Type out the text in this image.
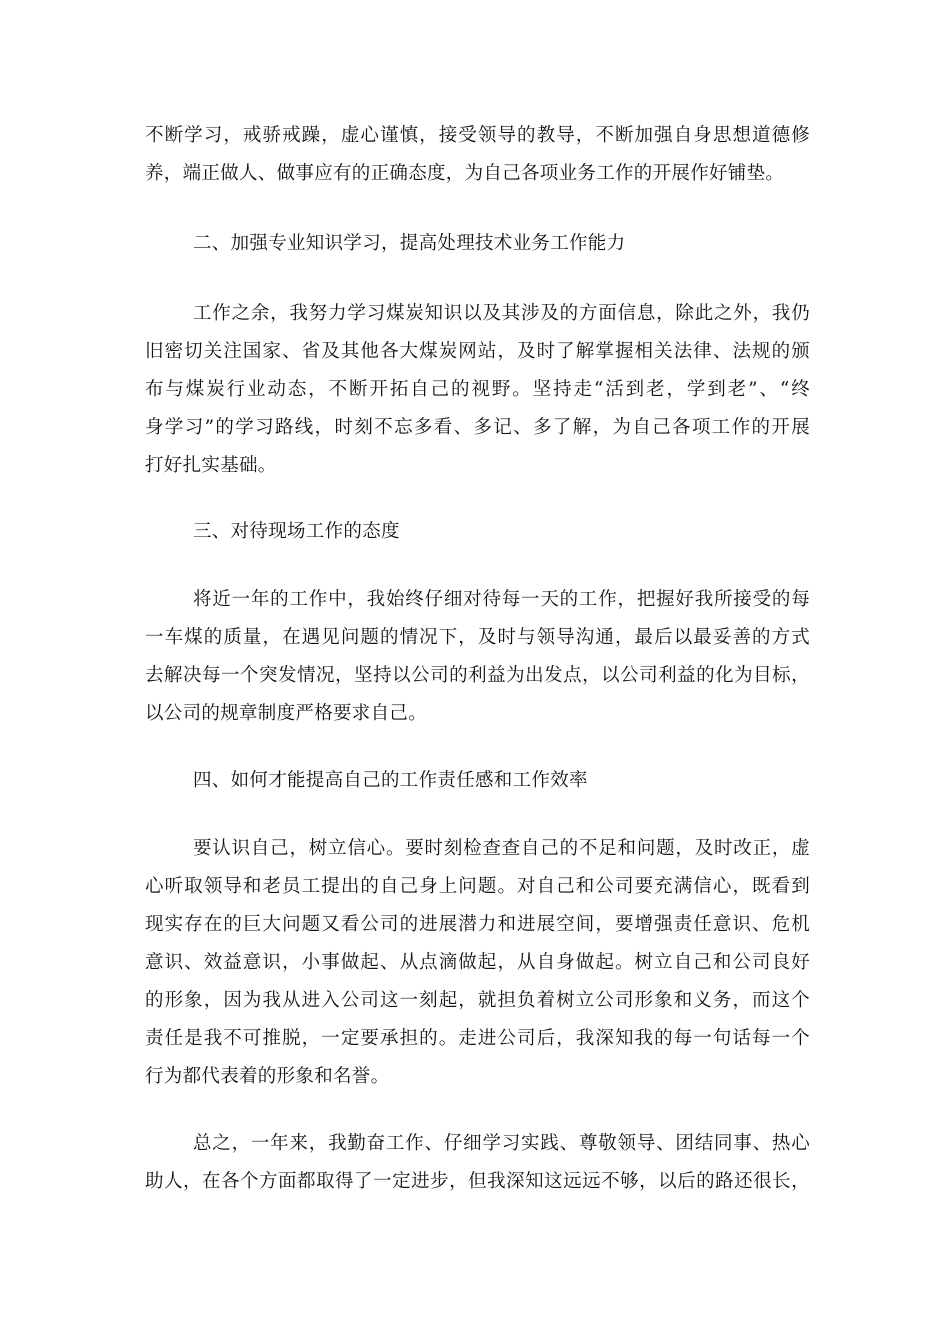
不断学习，戒骄戒躁，虚心谨慎，接受领导的教导，不断加强自身思想道德修
养，端正做人、做事应有的正确态度，为自己各项业务工作的开展作好铺垫。
二、加强专业知识学习，提高处理技术业务工作能力
工作之余，我努力学习煤炭知识以及其涉及的方面信息，除此之外，我仍
旧密切关注国家、省及其他各大煤炭网站，及时了解掌握相关法律、法规的颁
布与煤炭行业动态，不断开拓自己的视野。坚持走“活到老，学到老”、“终
身学习”的学习路线，时刻不忘多看、多记、多了解，为自己各项工作的开展
打好扎实基础。
三、对待现场工作的态度
将近一年的工作中，我始终仔细对待每一天的工作，把握好我所接受的每
一车煤的质量，在遇见问题的情况下，及时与领导沟通，最后以最妥善的方式
去解决每一个突发情况，坚持以公司的利益为出发点，以公司利益的化为目标，
以公司的规章制度严格要求自己。
四、如何才能提高自己的工作责任感和工作效率
要认识自己，树立信心。要时刻检查查自己的不足和问题，及时改正，虚
心听取领导和老员工提出的自己身上问题。对自己和公司要充满信心，既看到
现实存在的巨大问题又看公司的进展潜力和进展空间，要增强责任意识、危机
意识、效益意识，小事做起、从点滴做起，从自身做起。树立自己和公司良好
的形象，因为我从进入公司这一刻起，就担负着树立公司形象和义务，而这个
责任是我不可推脱，一定要承担的。走进公司后，我深知我的每一句话每一个
行为都代表着的形象和名誉。
总之，一年来，我勤奋工作、仔细学习实践、尊敬领导、团结同事、热心
助人，在各个方面都取得了一定进步，但我深知这远远不够，以后的路还很长，
